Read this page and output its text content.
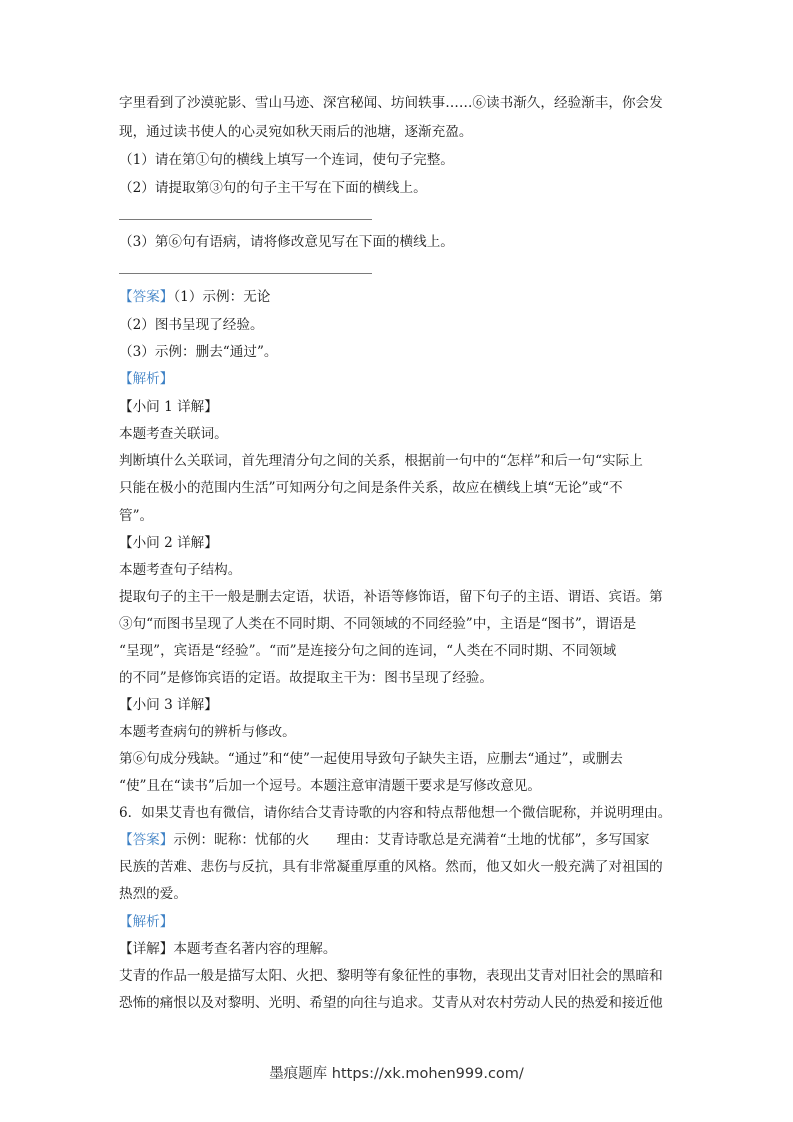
字里看到了沙漠驼影、雪山马迹、深宫秘闻、坊间轶事……⑥读书渐久，经验渐丰，你会发
现，通过读书使人的心灵宛如秋天雨后的池塘，逐渐充盈。
（1）请在第①句的横线上填写一个连词，使句子完整。
（2）请提取第③句的句子主干写在下面的横线上。
（3）第⑥句有语病，请将修改意见写在下面的横线上。
【答案】（1）示例：无论
（2）图书呈现了经验。
（3）示例：删去“通过”。
【解析】
【小问 1 详解】
本题考查关联词。
判断填什么关联词，首先理清分句之间的关系，根据前一句中的“怎样”和后一句“实际上
只能在极小的范围内生活”可知两分句之间是条件关系，故应在横线上填“无论”或“不
管”。
【小问 2 详解】
本题考查句子结构。
提取句子的主干一般是删去定语，状语，补语等修饰语，留下句子的主语、谓语、宾语。第
③句“而图书呈现了人类在不同时期、不同领域的不同经验”中，主语是“图书”，谓语是
“呈现”，宾语是“经验”。“而”是连接分句之间的连词，“人类在不同时期、不同领域
的不同”是修饰宾语的定语。故提取主干为：图书呈现了经验。
【小问 3 详解】
本题考查病句的辨析与修改。
第⑥句成分残缺。“通过”和“使”一起使用导致句子缺失主语，应删去“通过”，或删去
“使”且在“读书”后加一个逗号。本题注意审清题干要求是写修改意见。
6．如果艾青也有微信，请你结合艾青诗歌的内容和特点帮他想一个微信昵称，并说明理由。
【答案】示例：昵称：忧郁的火　　理由：艾青诗歌总是充满着“土地的忧郁”，多写国家
民族的苦难、悲伤与反抗，具有非常凝重厚重的风格。然而，他又如火一般充满了对祖国的
热烈的爱。
【解析】
【详解】本题考查名著内容的理解。
艾青的作品一般是描写太阳、火把、黎明等有象征性的事物，表现出艾青对旧社会的黑暗和
恐怖的痛恨以及对黎明、光明、希望的向往与追求。艾青从对农村劳动人民的热爱和接近他
墨痕题库 https://xk.mohen999.com/
